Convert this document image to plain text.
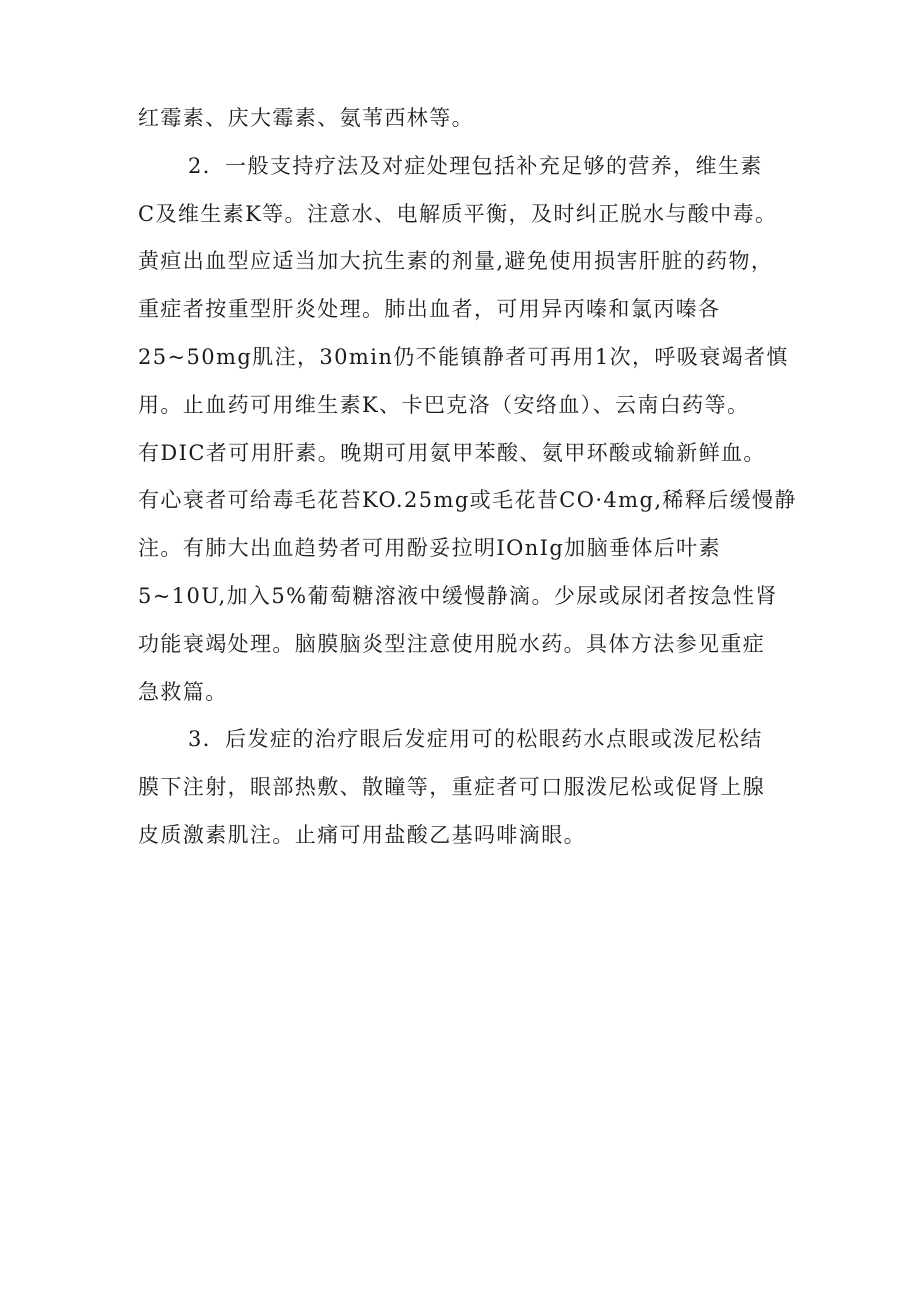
红霉素、庆大霉素、氨苇西林等。
2．一般支持疗法及对症处理包括补充足够的营养，维生素
C及维生素K等。注意水、电解质平衡，及时纠正脱水与酸中毒。
黄疸出血型应适当加大抗生素的剂量,避免使用损害肝脏的药物，
重症者按重型肝炎处理。肺出血者，可用异丙嗪和氯丙嗪各
25~50mg肌注，30min仍不能镇静者可再用1次，呼吸衰竭者慎
用。止血药可用维生素K、卡巴克洛（安络血）、云南白药等。
有DIC者可用肝素。晚期可用氨甲苯酸、氨甲环酸或输新鲜血。
有心衰者可给毒毛花苔KO.25mg或毛花昔CO·4mg,稀释后缓慢静
注。有肺大出血趋势者可用酚妥拉明IOnIg加脑垂体后叶素
5~10U,加入5%葡萄糖溶液中缓慢静滴。少尿或尿闭者按急性肾
功能衰竭处理。脑膜脑炎型注意使用脱水药。具体方法参见重症
急救篇。
3．后发症的治疗眼后发症用可的松眼药水点眼或泼尼松结
膜下注射，眼部热敷、散瞳等，重症者可口服泼尼松或促肾上腺
皮质激素肌注。止痛可用盐酸乙基吗啡滴眼。
